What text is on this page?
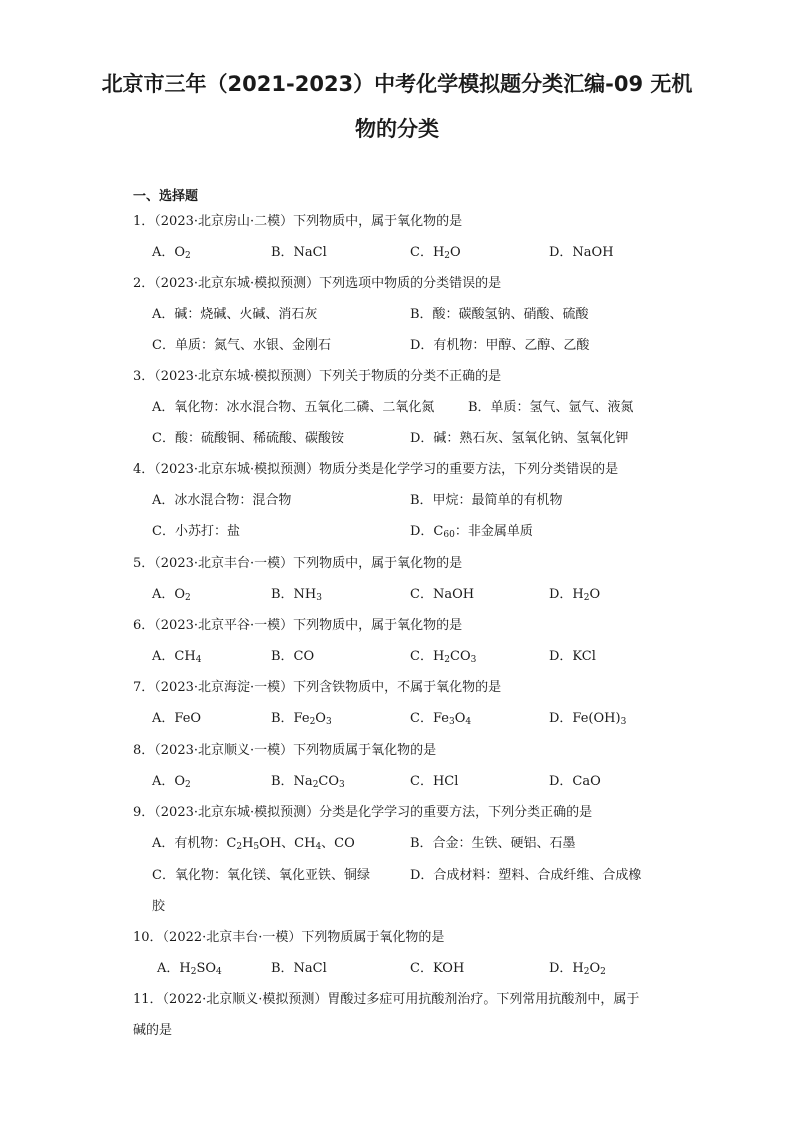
北京市三年（2021-2023）中考化学模拟题分类汇编-09 无机
物的分类
一、选择题
1．（2023·北京房山·二模）下列物质中，属于氧化物的是
A．$O_2$	B．NaCl	C．$H_2O$	D．NaOH
2．（2023·北京东城·模拟预测）下列选项中物质的分类错误的是
A．碱：烧碱、火碱、消石灰	B．酸：碳酸氢钠、硝酸、硫酸
C．单质：氮气、水银、金刚石	D．有机物：甲醇、乙醇、乙酸
3．（2023·北京东城·模拟预测）下列关于物质的分类不正确的是
A．氧化物：冰水混合物、五氧化二磷、二氧化氮	B．单质：氢气、氩气、液氮
C．酸：硫酸铜、稀硫酸、碳酸铵	D．碱：熟石灰、氢氧化钠、氢氧化钾
4．（2023·北京东城·模拟预测）物质分类是化学学习的重要方法，下列分类错误的是
A．冰水混合物：混合物	B．甲烷：最简单的有机物
C．小苏打：盐	D．$C_{60}$：非金属单质
5．（2023·北京丰台·一模）下列物质中，属于氧化物的是
A．$O_2$	B．$NH_3$	C．NaOH	D．$H_2O$
6．（2023·北京平谷·一模）下列物质中，属于氧化物的是
A．$CH_4$	B．CO	C．$H_2CO_3$	D．KCl
7．（2023·北京海淀·一模）下列含铁物质中，不属于氧化物的是
A．FeO	B．$Fe_2O_3$	C．$Fe_3O_4$	D．$Fe(OH)_3$
8．（2023·北京顺义·一模）下列物质属于氧化物的是
A．$O_2$	B．$Na_2CO_3$	C．HCl	D．CaO
9．（2023·北京东城·模拟预测）分类是化学学习的重要方法，下列分类正确的是
A．有机物：$C_2H_5OH$、$CH_4$、CO	B．合金：生铁、硬铝、石墨
C．氧化物：氧化镁、氧化亚铁、铜绿	D．合成材料：塑料、合成纤维、合成橡
胶
10．（2022·北京丰台·一模）下列物质属于氧化物的是
A．$H_2SO_4$	B．NaCl	C．KOH	D．$H_2O_2$
11．（2022·北京顺义·模拟预测）胃酸过多症可用抗酸剂治疗。下列常用抗酸剂中，属于
碱的是
